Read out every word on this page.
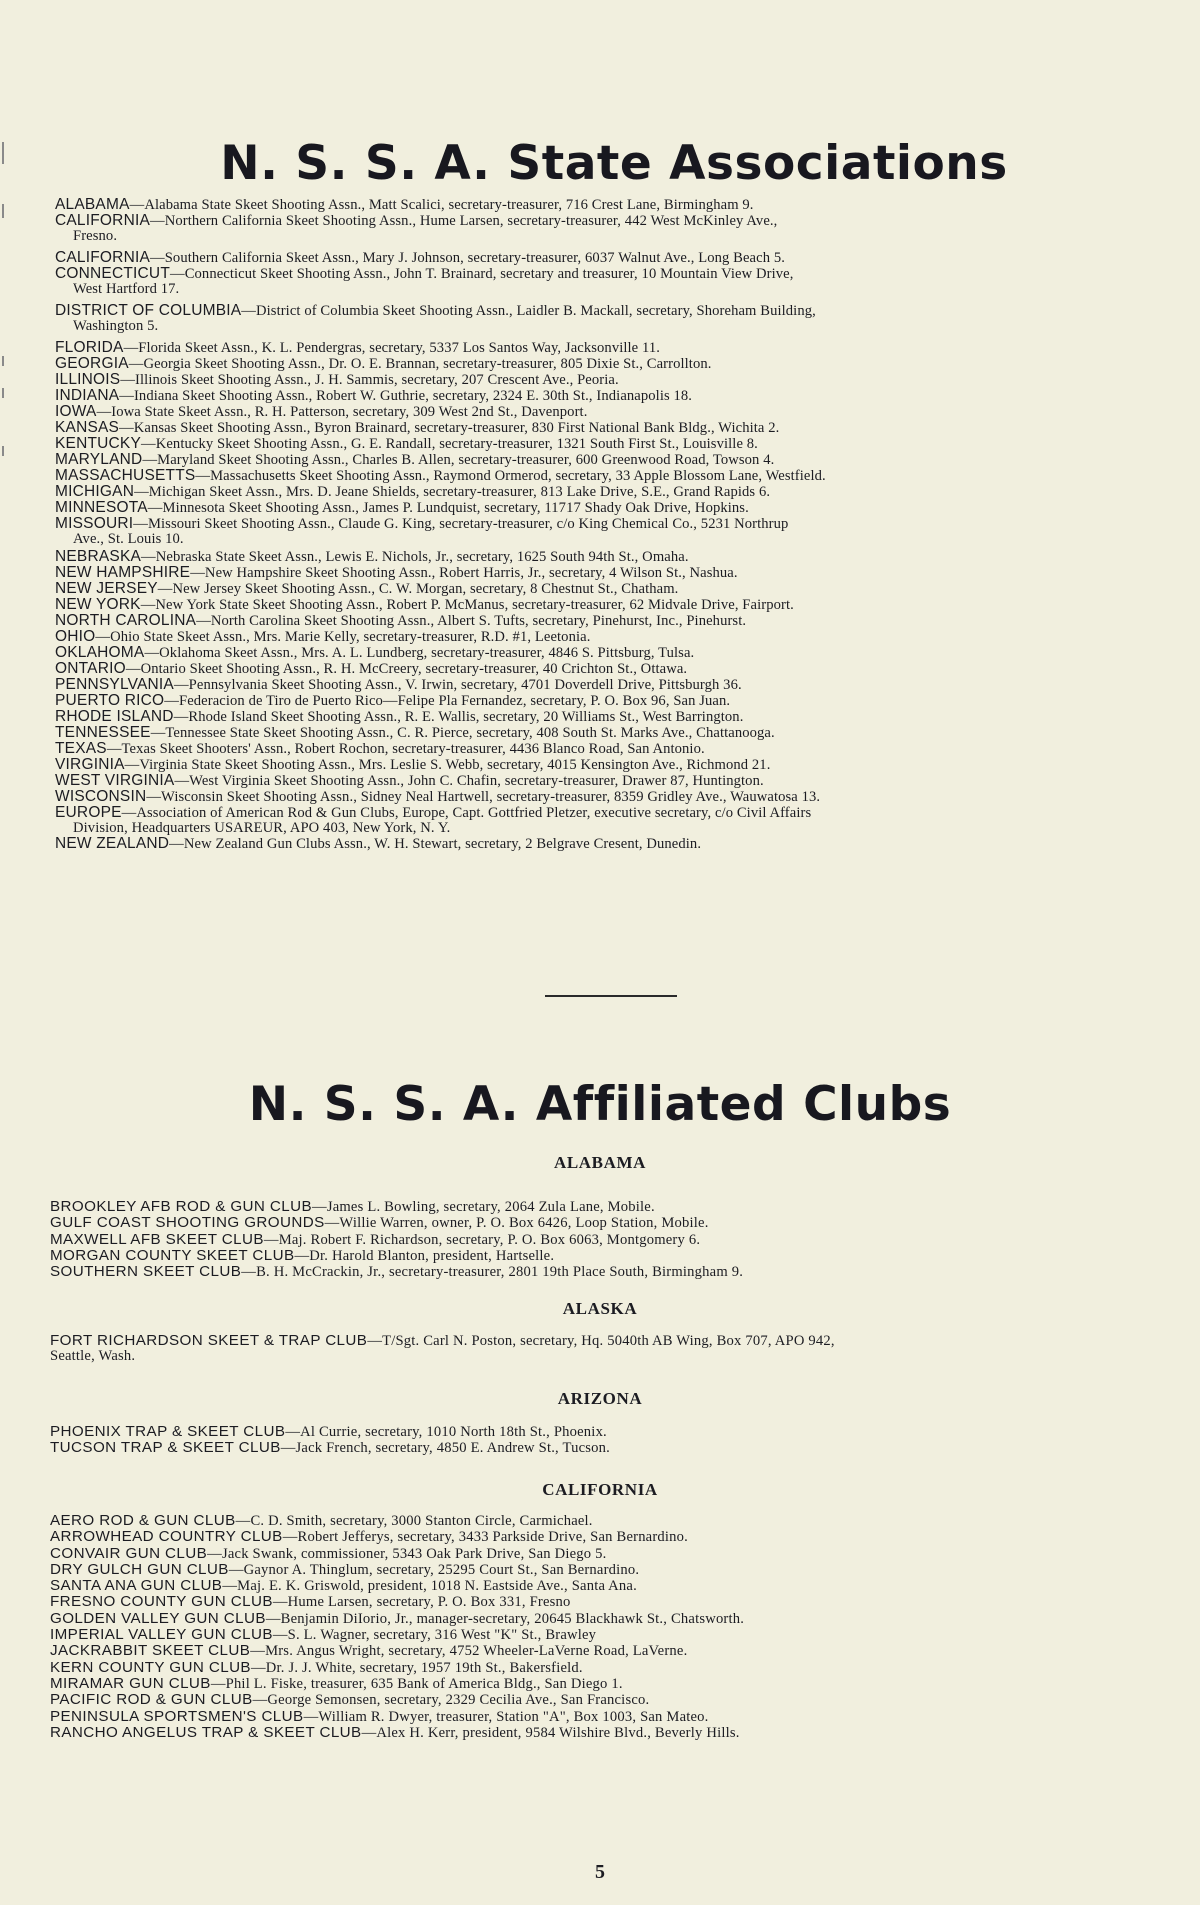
N. S. S. A. State Associations

ALABAMA—Alabama State Skeet Shooting Assn., Matt Scalici, secretary-treasurer, 716 Crest Lane, Birmingham 9.

CALIFORNIA—Northern California Skeet Shooting Assn., Hume Larsen, secretary-treasurer, 442 West McKinley Ave.,
Fresno.

CALIFORNIA—Southern California Skeet Assn., Mary J. Johnson, secretary-treasurer, 6037 Walnut Ave., Long Beach 5.

CONNECTICUT—Connecticut Skeet Shooting Assn., John T. Brainard, secretary and treasurer, 10 Mountain View Drive,
West Hartford 17.

DISTRICT OF COLUMBIA—District of Columbia Skeet Shooting Assn., Laidler B. Mackall, secretary, Shoreham Building,
Washington 5.

FLORIDA—Florida Skeet Assn., K. L. Pendergras, secretary, 5337 Los Santos Way, Jacksonville 11.

GEORGIA—Georgia Skeet Shooting Assn., Dr. O. E. Brannan, secretary-treasurer, 805 Dixie St., Carrollton.

ILLINOIS—Illinois Skeet Shooting Assn., J. H. Sammis, secretary, 207 Crescent Ave., Peoria.

INDIANA—Indiana Skeet Shooting Assn., Robert W. Guthrie, secretary, 2324 E. 30th St., Indianapolis 18.

IOWA—Iowa State Skeet Assn., R. H. Patterson, secretary, 309 West 2nd St., Davenport.

KANSAS—Kansas Skeet Shooting Assn., Byron Brainard, secretary-treasurer, 830 First National Bank Bldg., Wichita 2.

KENTUCKY—Kentucky Skeet Shooting Assn., G. E. Randall, secretary-treasurer, 1321 South First St., Louisville 8.

MARYLAND—Maryland Skeet Shooting Assn., Charles B. Allen, secretary-treasurer, 600 Greenwood Road, Towson 4.

MASSACHUSETTS—Massachusetts Skeet Shooting Assn., Raymond Ormerod, secretary, 33 Apple Blossom Lane, Westfield.

MICHIGAN—Michigan Skeet Assn., Mrs. D. Jeane Shields, secretary-treasurer, 813 Lake Drive, S.E., Grand Rapids 6.

MINNESOTA—Minnesota Skeet Shooting Assn., James P. Lundquist, secretary, 11717 Shady Oak Drive, Hopkins.

MISSOURI—Missouri Skeet Shooting Assn., Claude G. King, secretary-treasurer, c/o King Chemical Co., 5231 Northrup
Ave., St. Louis 10.

NEBRASKA—Nebraska State Skeet Assn., Lewis E. Nichols, Jr., secretary, 1625 South 94th St., Omaha.

NEW HAMPSHIRE—New Hampshire Skeet Shooting Assn., Robert Harris, Jr., secretary, 4 Wilson St., Nashua.

NEW JERSEY—New Jersey Skeet Shooting Assn., C. W. Morgan, secretary, 8 Chestnut St., Chatham.

NEW YORK—New York State Skeet Shooting Assn., Robert P. McManus, secretary-treasurer, 62 Midvale Drive, Fairport.

NORTH CAROLINA—North Carolina Skeet Shooting Assn., Albert S. Tufts, secretary, Pinehurst, Inc., Pinehurst.

OHIO—Ohio State Skeet Assn., Mrs. Marie Kelly, secretary-treasurer, R.D. #1, Leetonia.

OKLAHOMA—Oklahoma Skeet Assn., Mrs. A. L. Lundberg, secretary-treasurer, 4846 S. Pittsburg, Tulsa.

ONTARIO—Ontario Skeet Shooting Assn., R. H. McCreery, secretary-treasurer, 40 Crichton St., Ottawa.

PENNSYLVANIA—Pennsylvania Skeet Shooting Assn., V. Irwin, secretary, 4701 Doverdell Drive, Pittsburgh 36.

PUERTO RICO—Federacion de Tiro de Puerto Rico—Felipe Pla Fernandez, secretary, P. O. Box 96, San Juan.

RHODE ISLAND—Rhode Island Skeet Shooting Assn., R. E. Wallis, secretary, 20 Williams St., West Barrington.

TENNESSEE—Tennessee State Skeet Shooting Assn., C. R. Pierce, secretary, 408 South St. Marks Ave., Chattanooga.

TEXAS—Texas Skeet Shooters' Assn., Robert Rochon, secretary-treasurer, 4436 Blanco Road, San Antonio.

VIRGINIA—Virginia State Skeet Shooting Assn., Mrs. Leslie S. Webb, secretary, 4015 Kensington Ave., Richmond 21.

WEST VIRGINIA—West Virginia Skeet Shooting Assn., John C. Chafin, secretary-treasurer, Drawer 87, Huntington.

WISCONSIN—Wisconsin Skeet Shooting Assn., Sidney Neal Hartwell, secretary-treasurer, 8359 Gridley Ave., Wauwatosa 13.

EUROPE—Association of American Rod & Gun Clubs, Europe, Capt. Gottfried Pletzer, executive secretary, c/o Civil Affairs
Division, Headquarters USAREUR, APO 403, New York, N. Y.

NEW ZEALAND—New Zealand Gun Clubs Assn., W. H. Stewart, secretary, 2 Belgrave Cresent, Dunedin.

N. S. S. A. Affiliated Clubs
ALABAMA

BROOKLEY AFB ROD & GUN CLUB—James L. Bowling, secretary, 2064 Zula Lane, Mobile.

GULF COAST SHOOTING GROUNDS—Willie Warren, owner, P. O. Box 6426, Loop Station, Mobile.

MAXWELL AFB SKEET CLUB—Maj. Robert F. Richardson, secretary, P. O. Box 6063, Montgomery 6.

MORGAN COUNTY SKEET CLUB—Dr. Harold Blanton, president, Hartselle.

SOUTHERN SKEET CLUB—B. H. McCrackin, Jr., secretary-treasurer, 2801 19th Place South, Birmingham 9.

ALASKA

FORT RICHARDSON SKEET & TRAP CLUB—T/Sgt. Carl N. Poston, secretary, Hq. 5040th AB Wing, Box 707, APO 942,
Seattle, Wash.

ARIZONA

PHOENIX TRAP & SKEET CLUB—Al Currie, secretary, 1010 North 18th St., Phoenix.

TUCSON TRAP & SKEET CLUB—Jack French, secretary, 4850 E. Andrew St., Tucson.

CALIFORNIA

AERO ROD & GUN CLUB—C. D. Smith, secretary, 3000 Stanton Circle, Carmichael.

ARROWHEAD COUNTRY CLUB—Robert Jefferys, secretary, 3433 Parkside Drive, San Bernardino.

CONVAIR GUN CLUB—Jack Swank, commissioner, 5343 Oak Park Drive, San Diego 5.

DRY GULCH GUN CLUB—Gaynor A. Thinglum, secretary, 25295 Court St., San Bernardino.

SANTA ANA GUN CLUB—Maj. E. K. Griswold, president, 1018 N. Eastside Ave., Santa Ana.

FRESNO COUNTY GUN CLUB—Hume Larsen, secretary, P. O. Box 331, Fresno

GOLDEN VALLEY GUN CLUB—Benjamin DiIorio, Jr., manager-secretary, 20645 Blackhawk St., Chatsworth.

IMPERIAL VALLEY GUN CLUB—S. L. Wagner, secretary, 316 West "K" St., Brawley

JACKRABBIT SKEET CLUB—Mrs. Angus Wright, secretary, 4752 Wheeler-LaVerne Road, LaVerne.

KERN COUNTY GUN CLUB—Dr. J. J. White, secretary, 1957 19th St., Bakersfield.

MIRAMAR GUN CLUB—Phil L. Fiske, treasurer, 635 Bank of America Bldg., San Diego 1.

PACIFIC ROD & GUN CLUB—George Semonsen, secretary, 2329 Cecilia Ave., San Francisco.

PENINSULA SPORTSMEN'S CLUB—William R. Dwyer, treasurer, Station "A", Box 1003, San Mateo.

RANCHO ANGELUS TRAP & SKEET CLUB—Alex H. Kerr, president, 9584 Wilshire Blvd., Beverly Hills.

5
